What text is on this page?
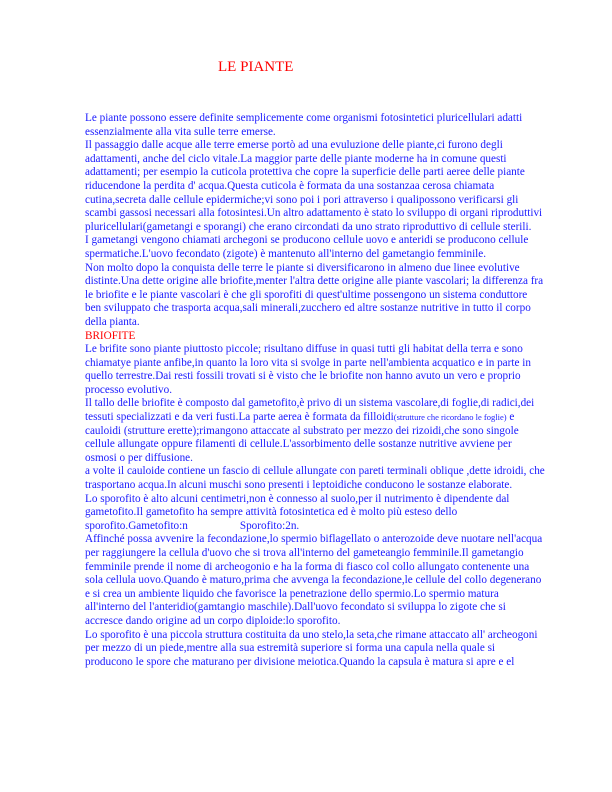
LE PIANTE

Le piante possono essere definite semplicemente come organismi fotosintetici pluricellulari adatti essenzialmente alla vita sulle terre emerse.

Il passaggio dalle acque alle terre emerse portò ad una evuluzione delle piante,ci furono degli adattamenti, anche del ciclo vitale.La maggior parte delle piante moderne ha in comune questi adattamenti; per esempio la cuticola protettiva che copre la superficie delle parti aeree delle piante riducendone la perdita d' acqua.Questa cuticola è formata da una sostanzaa cerosa chiamata cutina,secreta dalle cellule epidermiche;vi sono poi i pori attraverso i qualipossono verificarsi gli scambi gassosi necessari alla fotosintesi.Un altro adattamento è stato lo sviluppo di organi riproduttivi pluricellulari(gametangi e sporangi) che erano circondati da uno strato riproduttivo di cellule sterili.

I gametangi vengono chiamati archegoni se producono cellule uovo e anteridi se producono cellule spermatiche.L'uovo fecondato (zigote) è mantenuto all'interno del gametangio femminile.

Non molto dopo la conquista delle terre le piante si diversificarono in almeno due linee evolutive distinte.Una dette origine alle briofite,menter l'altra dette origine alle piante vascolari; la differenza fra le briofite e le piante vascolari è che gli sporofiti di quest'ultime possengono un sistema conduttore ben sviluppato che trasporta acqua,sali minerali,zucchero ed altre sostanze nutritive in tutto il corpo della pianta.

BRIOFITE

Le brifite sono piante piuttosto piccole; risultano diffuse in quasi tutti gli habitat della terra e sono chiamatye piante anfibe,in quanto la loro vita si svolge in parte nell'ambienta acquatico e in parte in quello terrestre.Dai resti fossili trovati si è visto che le briofite non hanno avuto un vero e proprio processo evolutivo.

Il tallo delle briofite è composto dal gametofito,è privo di un sistema vascolare,di foglie,di radici,dei tessuti specializzati e da veri fusti.La parte aerea è formata da filloidi(strutture che ricordano le foglie) e cauloidi (strutture erette);rimangono attaccate al substrato per mezzo dei rizoidi,che sono singole cellule allungate oppure filamenti di cellule.L'assorbimento delle sostanze nutritive avviene per osmosi o per diffusione.

a volte il cauloide contiene un fascio di cellule allungate con pareti terminali oblique ,dette idroidi, che trasportano acqua.In alcuni muschi sono presenti i leptoidiche conducono le sostanze elaborate.

Lo sporofito è alto alcuni centimetri,non è connesso al suolo,per il nutrimento è dipendente dal gametofito.Il gametofito ha sempre attività fotosintetica ed è molto più esteso dello sporofito.Gametofito:n	Sporofito:2n.

Affinché possa avvenire la fecondazione,lo spermio biflagellato o anterozoide deve nuotare nell'acqua per raggiungere la cellula d'uovo che si trova all'interno del gameteangio femminile.Il gametangio femminile prende il nome di archeogonio e ha la forma di fiasco col collo allungato contenente una sola cellula uovo.Quando è maturo,prima che avvenga la fecondazione,le cellule del collo degenerano e si crea un ambiente liquido che favorisce la penetrazione dello spermio.Lo spermio matura all'interno del l'anteridio(gamtangio maschile).Dall'uovo fecondato si sviluppa lo zigote che si accresce dando origine ad un corpo diploide:lo sporofito.

Lo sporofito è una piccola struttura costituita da uno stelo,la seta,che rimane attaccato all' archeogoni per mezzo di un piede,mentre alla sua estremità superiore si forma una capula nella quale si producono le spore che maturano per divisione meiotica.Quando la capsula è matura si apre e el
